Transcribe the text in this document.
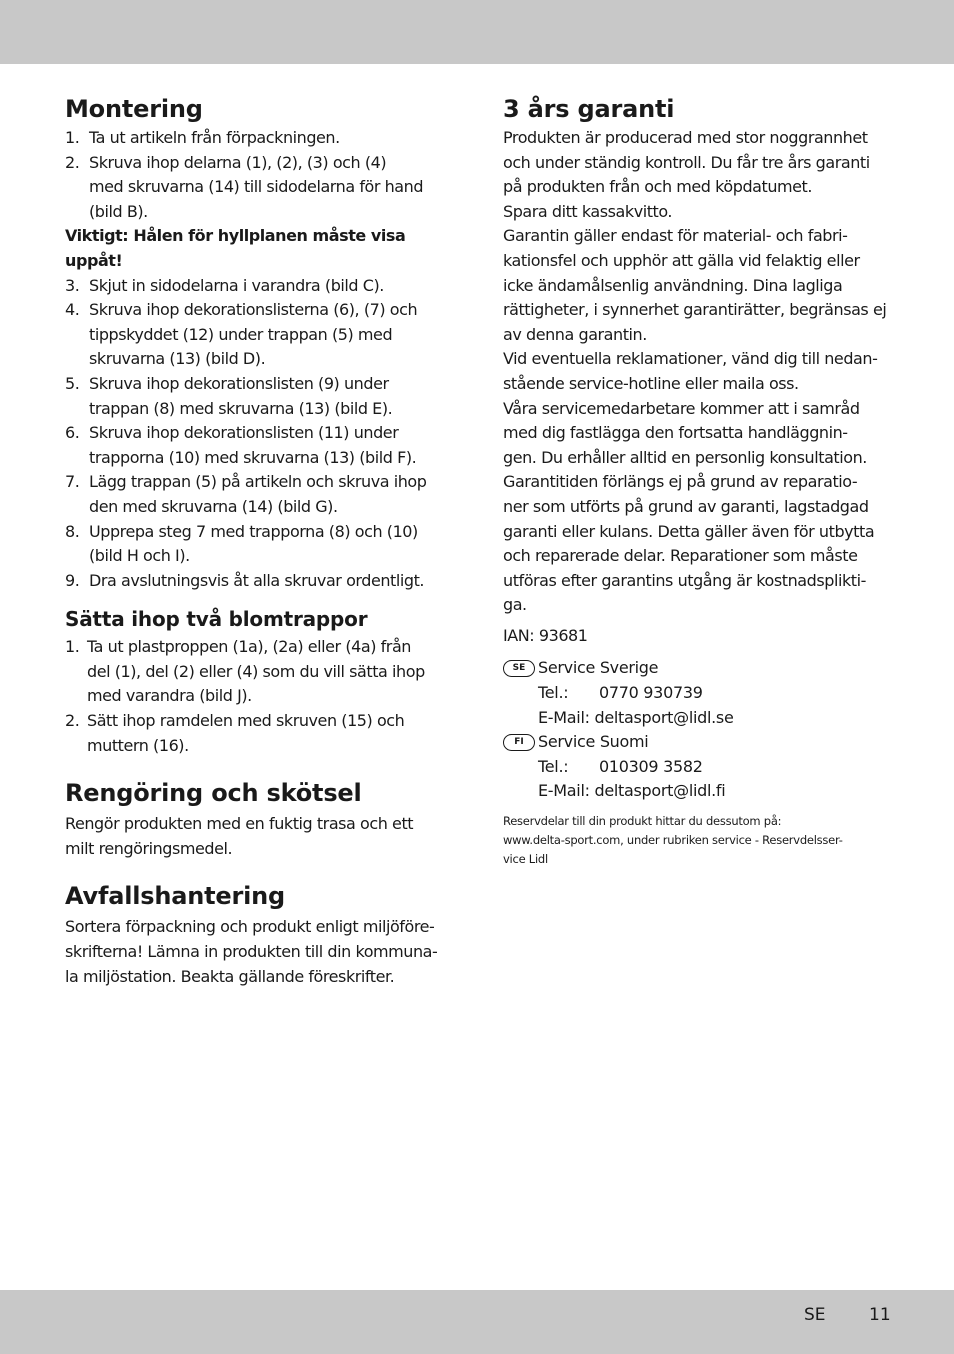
Montering
1. Ta ut artikeln från förpackningen.
2. Skruva ihop delarna (1), (2), (3) och (4)
med skruvarna (14) till sidodelarna för hand
(bild B).
Viktigt: Hålen för hyllplanen måste visa
uppåt!
3. Skjut in sidodelarna i varandra (bild C).
4. Skruva ihop dekorationslisterna (6), (7) och
tippskyddet (12) under trappan (5) med
skruvarna (13) (bild D).
5. Skruva ihop dekorationslisten (9) under
trappan (8) med skruvarna (13) (bild E).
6. Skruva ihop dekorationslisten (11) under
trapporna (10) med skruvarna (13) (bild F).
7. Lägg trappan (5) på artikeln och skruva ihop
den med skruvarna (14) (bild G).
8. Upprepa steg 7 med trapporna (8) och (10)
(bild H och I).
9. Dra avslutningsvis åt alla skruvar ordentligt.
Sätta ihop två blomtrappor
1. Ta ut plastproppen (1a), (2a) eller (4a) från
del (1), del (2) eller (4) som du vill sätta ihop
med varandra (bild J).
2. Sätt ihop ramdelen med skruven (15) och
muttern (16).
Rengöring och skötsel
Rengör produkten med en fuktig trasa och ett
milt rengöringsmedel.
Avfallshantering
Sortera förpackning och produkt enligt miljöföre-
skrifterna! Lämna in produkten till din kommuna-
la miljöstation. Beakta gällande föreskrifter.
3 års garanti
Produkten är producerad med stor noggrannhet
och under ständig kontroll. Du får tre års garanti
på produkten från och med köpdatumet.
Spara ditt kassakvitto.
Garantin gäller endast för material- och fabri-
kationsfel och upphör att gälla vid felaktig eller
icke ändamålsenlig användning. Dina lagliga
rättigheter, i synnerhet garantirätter, begränsas ej
av denna garantin.
Vid eventuella reklamationer, vänd dig till nedan-
stående service-hotline eller maila oss.
Våra servicemedarbetare kommer att i samråd
med dig fastlägga den fortsatta handläggnin-
gen. Du erhåller alltid en personlig konsultation.
Garantitiden förlängs ej på grund av reparatio-
ner som utförts på grund av garanti, lagstadgad
garanti eller kulans. Detta gäller även för utbytta
och reparerade delar. Reparationer som måste
utföras efter garantins utgång är kostnadsplikti-
ga.
IAN: 93681
SE Service Sverige
Tel.: 0770 930739
E-Mail: deltasport@lidl.se
FI Service Suomi
Tel.: 010309 3582
E-Mail: deltasport@lidl.fi
Reservdelar till din produkt hittar du dessutom på:
www.delta-sport.com, under rubriken service - Reservdelsser-
vice Lidl
SE	11
